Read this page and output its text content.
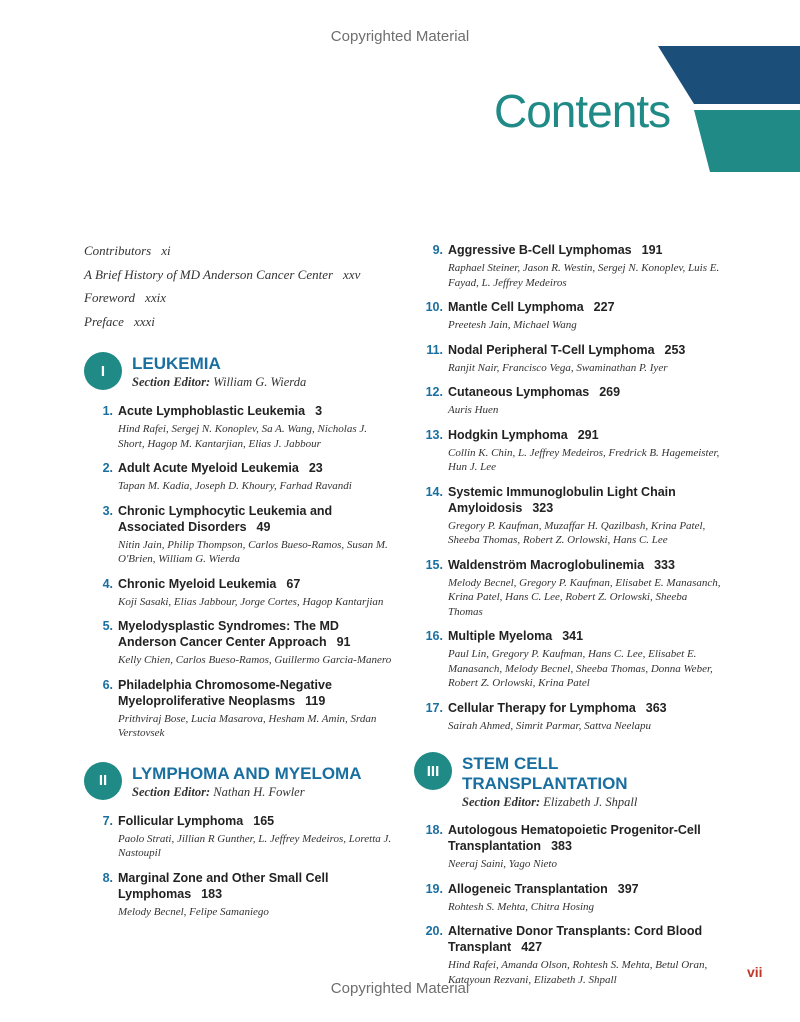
Copyrighted Material
Contents
Contributors xi
A Brief History of MD Anderson Cancer Center xxv
Foreword xxix
Preface xxxi
I	LEUKEMIA
Section Editor: William G. Wierda
1. Acute Lymphoblastic Leukemia 3
Hind Rafei, Sergej N. Konoplev, Sa A. Wang, Nicholas J. Short, Hagop M. Kantarjian, Elias J. Jabbour
2. Adult Acute Myeloid Leukemia 23
Tapan M. Kadia, Joseph D. Khoury, Farhad Ravandi
3. Chronic Lymphocytic Leukemia and Associated Disorders 49
Nitin Jain, Philip Thompson, Carlos Bueso-Ramos, Susan M. O'Brien, William G. Wierda
4. Chronic Myeloid Leukemia 67
Koji Sasaki, Elias Jabbour, Jorge Cortes, Hagop Kantarjian
5. Myelodysplastic Syndromes: The MD Anderson Cancer Center Approach 91
Kelly Chien, Carlos Bueso-Ramos, Guillermo Garcia-Manero
6. Philadelphia Chromosome-Negative Myeloproliferative Neoplasms 119
Prithviraj Bose, Lucia Masarova, Hesham M. Amin, Srdan Verstovsek
II	LYMPHOMA AND MYELOMA
Section Editor: Nathan H. Fowler
7. Follicular Lymphoma 165
Paolo Strati, Jillian R Gunther, L. Jeffrey Medeiros, Loretta J. Nastoupil
8. Marginal Zone and Other Small Cell Lymphomas 183
Melody Becnel, Felipe Samaniego
9. Aggressive B-Cell Lymphomas 191
Raphael Steiner, Jason R. Westin, Sergej N. Konoplev, Luis E. Fayad, L. Jeffrey Medeiros
10. Mantle Cell Lymphoma 227
Preetesh Jain, Michael Wang
11. Nodal Peripheral T-Cell Lymphoma 253
Ranjit Nair, Francisco Vega, Swaminathan P. Iyer
12. Cutaneous Lymphomas 269
Auris Huen
13. Hodgkin Lymphoma 291
Collin K. Chin, L. Jeffrey Medeiros, Fredrick B. Hagemeister, Hun J. Lee
14. Systemic Immunoglobulin Light Chain Amyloidosis 323
Gregory P. Kaufman, Muzaffar H. Qazilbash, Krina Patel, Sheeba Thomas, Robert Z. Orlowski, Hans C. Lee
15. Waldenström Macroglobulinemia 333
Melody Becnel, Gregory P. Kaufman, Elisabet E. Manasanch, Krina Patel, Hans C. Lee, Robert Z. Orlowski, Sheeba Thomas
16. Multiple Myeloma 341
Paul Lin, Gregory P. Kaufman, Hans C. Lee, Elisabet E. Manasanch, Melody Becnel, Sheeba Thomas, Donna Weber, Robert Z. Orlowski, Krina Patel
17. Cellular Therapy for Lymphoma 363
Sairah Ahmed, Simrit Parmar, Sattva Neelapu
III	STEM CELL TRANSPLANTATION
Section Editor: Elizabeth J. Shpall
18. Autologous Hematopoietic Progenitor-Cell Transplantation 383
Neeraj Saini, Yago Nieto
19. Allogeneic Transplantation 397
Rohtesh S. Mehta, Chitra Hosing
20. Alternative Donor Transplants: Cord Blood Transplant 427
Hind Rafei, Amanda Olson, Rohtesh S. Mehta, Betul Oran, Katayoun Rezvani, Elizabeth J. Shpall	vii
Copyrighted Material
